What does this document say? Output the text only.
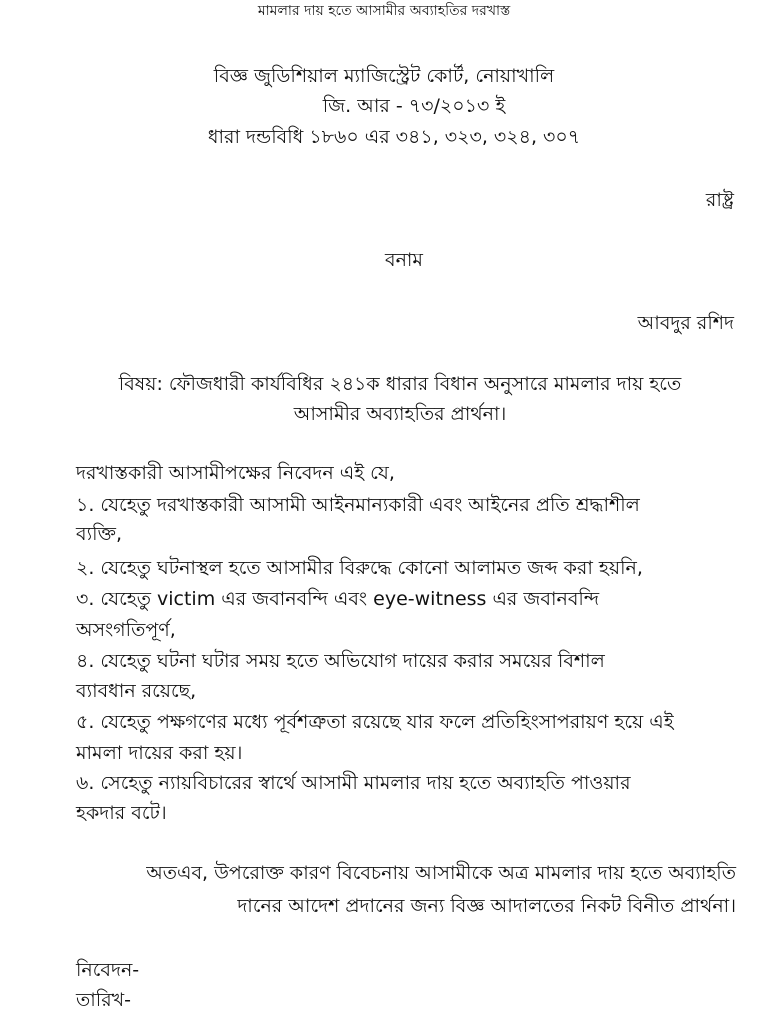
মামলার দায় হতে আসামীর অব্যাহতির দরখাস্ত
বিজ্ঞ জুডিশিয়াল ম্যাজিস্ট্রেট কোর্ট, নোয়াখালি
জি. আর - ৭৩/২০১৩ ই
ধারা দন্ডবিধি ১৮৬০ এর ৩৪১, ৩২৩, ৩২৪, ৩০৭
রাষ্ট্র
বনাম
আবদুর রশিদ
বিষয়: ফৌজধারী কার্যবিধির ২৪১ক ধারার বিধান অনুসারে মামলার দায় হতে
আসামীর অব্যাহতির প্রার্থনা।
দরখাস্তকারী আসামীপক্ষের নিবেদন এই যে,
১. যেহেতু দরখাস্তকারী আসামী আইনমান্যকারী এবং আইনের প্রতি শ্রদ্ধাশীল
ব্যক্তি,
২. যেহেতু ঘটনাস্থল হতে আসামীর বিরুদ্ধে কোনো আলামত জব্দ করা হয়নি,
৩. যেহেতু victim এর জবানবন্দি এবং eye-witness এর জবানবন্দি
অসংগতিপূর্ণ,
৪. যেহেতু ঘটনা ঘটার সময় হতে অভিযোগ দায়ের করার সময়ের বিশাল
ব্যাবধান রয়েছে,
৫. যেহেতু পক্ষগণের মধ্যে পূর্বশত্রুতা রয়েছে যার ফলে প্রতিহিংসাপরায়ণ হয়ে এই
মামলা দায়ের করা হয়।
৬. সেহেতু ন্যায়বিচারের স্বার্থে আসামী মামলার দায় হতে অব্যাহতি পাওয়ার
হকদার বটে।
অতএব, উপরোক্ত কারণ বিবেচনায় আসামীকে অত্র মামলার দায় হতে অব্যাহতি
দানের আদেশ প্রদানের জন্য বিজ্ঞ আদালতের নিকট বিনীত প্রার্থনা।
নিবেদন-
তারিখ-
